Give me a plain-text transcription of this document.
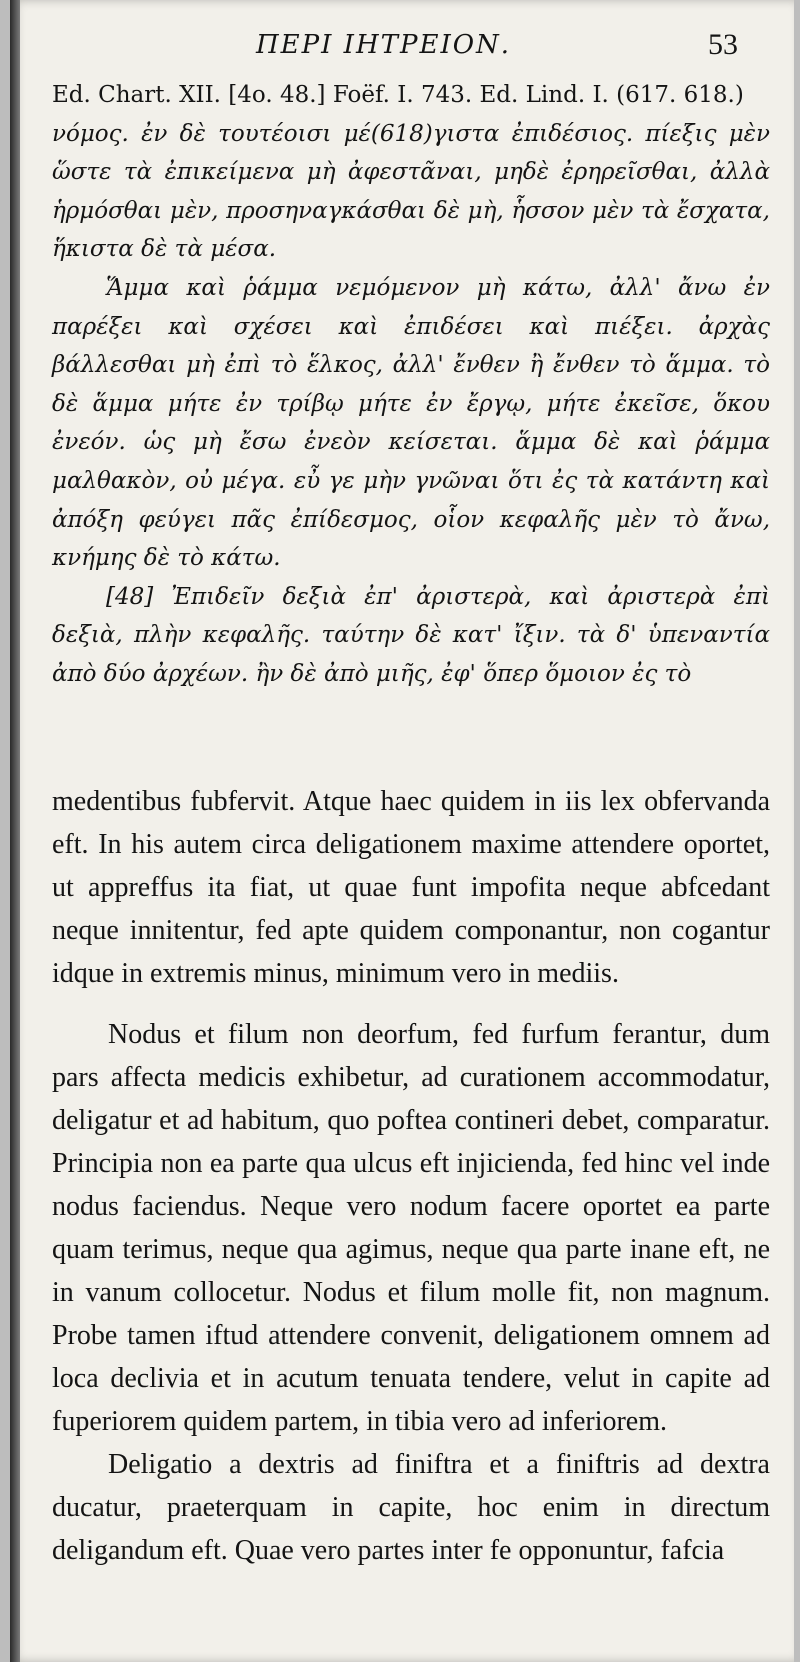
ΠΕΡΙ ΙΗΤΡΕΙΟΝ.	53

Ed. Chart. XII. [4o. 48.] Foëf. I. 743. Ed. Lind. I. (617. 618.)

νόμος. ἐν δὲ τουτέοισι μέ(618)γιστα ἐπιδέσιος. πίεξις μὲν ὥστε τὰ ἐπικείμενα μὴ ἀφεστᾶναι, μηδὲ ἐρηρεῖσθαι, ἀλλὰ ἡρμόσθαι μὲν, προσηναγκάσθαι δὲ μὴ, ἧσσον μὲν τὰ ἔσχατα, ἥκιστα δὲ τὰ μέσα.

Ἅμμα καὶ ῥάμμα νεμόμενον μὴ κάτω, ἀλλ' ἄνω ἐν παρέξει καὶ σχέσει καὶ ἐπιδέσει καὶ πιέξει. ἀρχὰς βάλλεσθαι μὴ ἐπὶ τὸ ἕλκος, ἀλλ' ἔνθεν ἢ ἔνθεν τὸ ἅμμα. τὸ δὲ ἅμμα μήτε ἐν τρίβῳ μήτε ἐν ἔργῳ, μήτε ἐκεῖσε, ὅκου ἐνεόν. ὡς μὴ ἔσω ἐνεὸν κείσεται. ἅμμα δὲ καὶ ῥάμμα μαλθακὸν, οὐ μέγα. εὖ γε μὴν γνῶναι ὅτι ἐς τὰ κατάντη καὶ ἀπόξη φεύγει πᾶς ἐπίδεσμος, οἷον κεφαλῆς μὲν τὸ ἄνω, κνήμης δὲ τὸ κάτω.

[48] Ἐπιδεῖν δεξιὰ ἐπ' ἀριστερὰ, καὶ ἀριστερὰ ἐπὶ δεξιὰ, πλὴν κεφαλῆς. ταύτην δὲ κατ' ἴξιν. τὰ δ' ὑπεναντία ἀπὸ δύο ἀρχέων. ἢν δὲ ἀπὸ μιῆς, ἐφ' ὅπερ ὅμοιον ἐς τὸ

medentibus fubfervit. Atque haec quidem in iis lex obfervanda eft. In his autem circa deligationem maxime attendere oportet, ut appreffus ita fiat, ut quae funt impofita neque abfcedant neque innitentur, fed apte quidem componantur, non cogantur idque in extremis minus, minimum vero in mediis.

Nodus et filum non deorfum, fed furfum ferantur, dum pars affecta medicis exhibetur, ad curationem accommodatur, deligatur et ad habitum, quo poftea contineri debet, comparatur. Principia non ea parte qua ulcus eft injicienda, fed hinc vel inde nodus faciendus. Neque vero nodum facere oportet ea parte quam terimus, neque qua agimus, neque qua parte inane eft, ne in vanum collocetur. Nodus et filum molle fit, non magnum. Probe tamen iftud attendere convenit, deligationem omnem ad loca declivia et in acutum tenuata tendere, velut in capite ad fuperiorem quidem partem, in tibia vero ad inferiorem.

Deligatio a dextris ad finiftra et a finiftris ad dextra ducatur, praeterquam in capite, hoc enim in directum deligandum eft. Quae vero partes inter fe opponuntur, fafcia
